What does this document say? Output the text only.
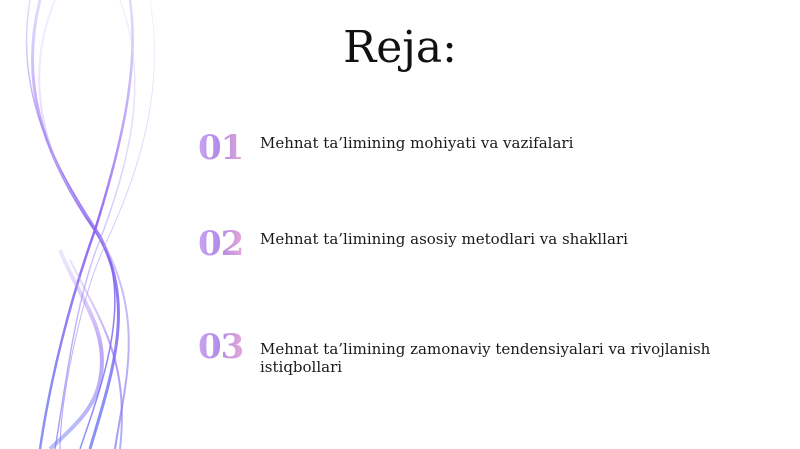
Reja:
01 Mehnat ta’limining mohiyati va vazifalari
02 Mehnat ta’limining asosiy metodlari va shakllari
03 Mehnat ta’limining zamonaviy tendensiyalari va rivojlanish istiqbollari
